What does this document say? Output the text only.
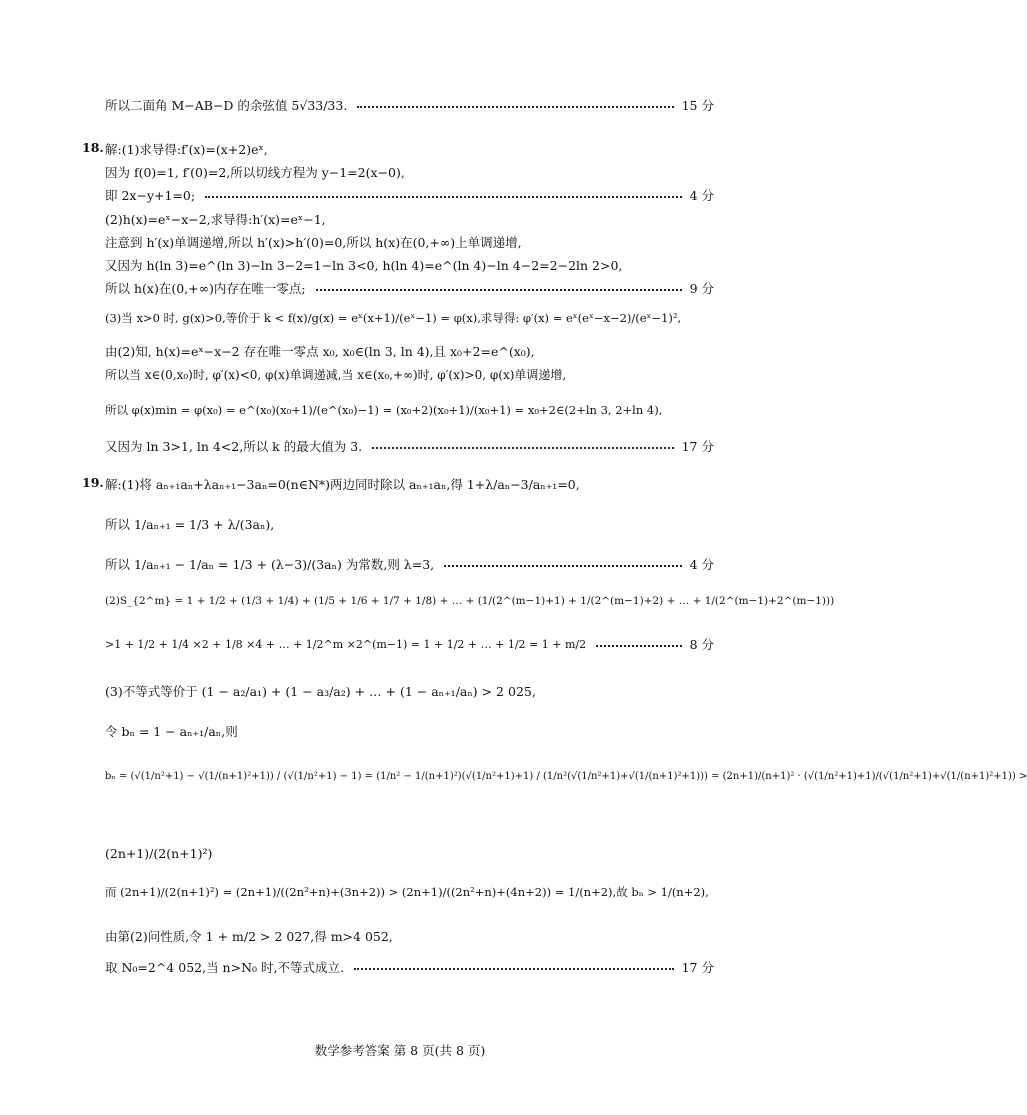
所以二面角 M−AB−D 的余弦值 5√33/33.	15 分
18. 解:(1)求导得:f′(x)=(x+2)eˣ,
因为 f(0)=1, f′(0)=2,所以切线方程为 y−1=2(x−0),
即 2x−y+1=0;	4 分
(2)h(x)=eˣ−x−2,求导得:h′(x)=eˣ−1,
注意到 h′(x)单调递增,所以 h′(x)>h′(0)=0,所以 h(x)在(0,+∞)上单调递增,
又因为 h(ln 3)=e^(ln 3)−ln 3−2=1−ln 3<0, h(ln 4)=e^(ln 4)−ln 4−2=2−2ln 2>0,
所以 h(x)在(0,+∞)内存在唯一零点;	9 分
(3)当 x>0 时, g(x)>0,等价于 k < f(x)/g(x) = eˣ(x+1)/(eˣ−1) = φ(x),求导得: φ′(x) = eˣ(eˣ−x−2)/(eˣ−1)²,
由(2)知, h(x)=eˣ−x−2 存在唯一零点 x₀, x₀∈(ln 3, ln 4),且 x₀+2=e^(x₀),
所以当 x∈(0,x₀)时, φ′(x)<0, φ(x)单调递减,当 x∈(x₀,+∞)时, φ′(x)>0, φ(x)单调递增,
所以 φ(x)min = φ(x₀) = e^(x₀)(x₀+1)/(e^(x₀)−1) = (x₀+2)(x₀+1)/(x₀+1) = x₀+2∈(2+ln 3, 2+ln 4),
又因为 ln 3>1, ln 4<2,所以 k 的最大值为 3.	17 分
19. 解:(1)将 aₙ₊₁aₙ+λaₙ₊₁−3aₙ=0(n∈N*)两边同时除以 aₙ₊₁aₙ,得 1+λ/aₙ−3/aₙ₊₁=0,
所以 1/aₙ₊₁ = 1/3 + λ/(3aₙ),
所以 1/aₙ₊₁ − 1/aₙ = 1/3 + (λ−3)/(3aₙ) 为常数,则 λ=3,	4 分
(2)S_{2^m} = 1 + 1/2 + (1/3 + 1/4) + (1/5 + 1/6 + 1/7 + 1/8) + … + (1/(2^(m−1)+1) + 1/(2^(m−1)+2) + … + 1/(2^(m−1)+2^(m−1)))
>1 + 1/2 + 1/4 ×2 + 1/8 ×4 + … + 1/2^m ×2^(m−1) = 1 + 1/2 + … + 1/2 = 1 + m/2	8 分
(3)不等式等价于 (1 − a₂/a₁) + (1 − a₃/a₂) + … + (1 − aₙ₊₁/aₙ) > 2 025,
令 bₙ = 1 − aₙ₊₁/aₙ,则
bₙ = (√(1/n²+1) − √(1/(n+1)²+1)) / (√(1/n²+1) − 1) = (1/n² − 1/(n+1)²)(√(1/n²+1)+1) / (1/n²(√(1/n²+1)+√(1/(n+1)²+1))) = (2n+1)/(n+1)² · (√(1/n²+1)+1)/(√(1/n²+1)+√(1/(n+1)²+1)) >
(2n+1)/(2(n+1)²)
而 (2n+1)/(2(n+1)²) = (2n+1)/((2n²+n)+(3n+2)) > (2n+1)/((2n²+n)+(4n+2)) = 1/(n+2),故 bₙ > 1/(n+2),
由第(2)问性质,令 1 + m/2 > 2 027,得 m>4 052,
取 N₀=2^4 052,当 n>N₀ 时,不等式成立.	17 分
数学参考答案 第 8 页(共 8 页)
